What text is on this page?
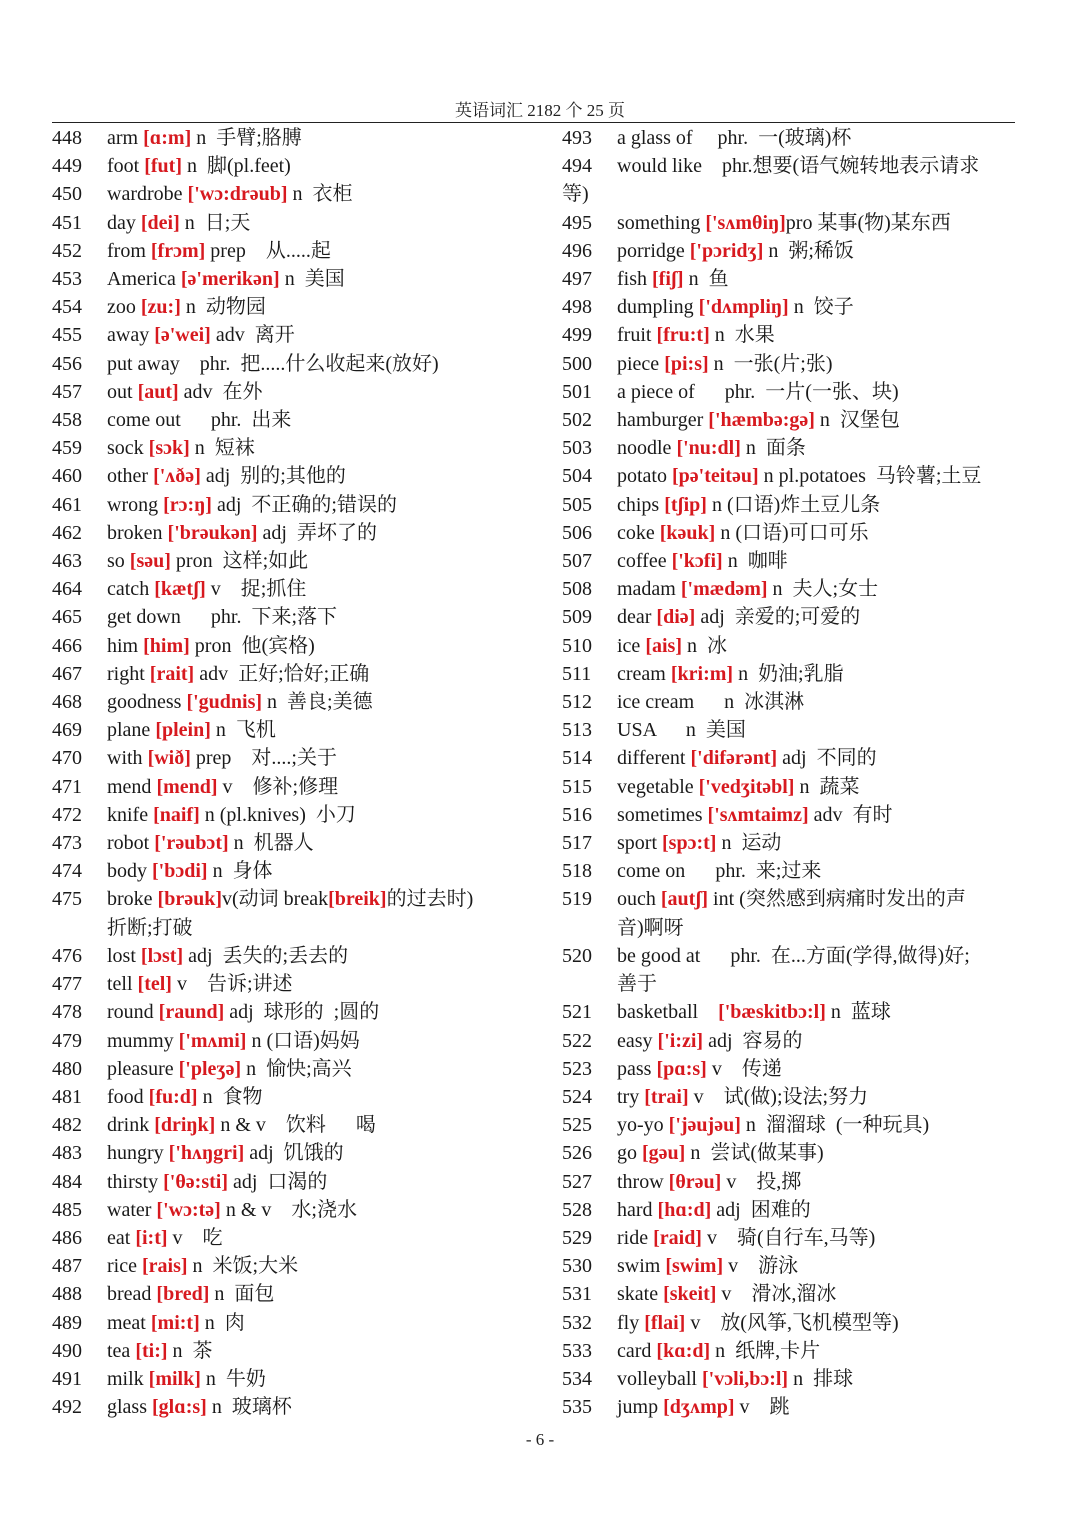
英语词汇 2182 个 25 页
448 arm [ɑ:m] n  手臂;胳膊
449 foot [fut] n  脚(pl.feet)
450 wardrobe ['wɔ:drəub] n  衣柜
451 day [dei] n  日;天
452 from [frɔm] prep    从.....起
453 America [ə'merikən] n  美国
454 zoo [zu:] n  动物园
455 away [ə'wei] adv  离开
456 put away    phr.  把.....什么收起来(放好)
457 out [aut] adv  在外
458 come out      phr.  出来
459 sock [sɔk] n  短袜
460 other ['ʌðə] adj  别的;其他的
461 wrong [rɔ:ŋ] adj  不正确的;错误的
462 broken ['brəukən] adj  弄坏了的
463 so [səu] pron  这样;如此
464 catch [kætʃ] v    捉;抓住
465 get down      phr.  下来;落下
466 him [him] pron  他(宾格)
467 right [rait] adv  正好;恰好;正确
468 goodness ['gudnis] n  善良;美德
469 plane [plein] n  飞机
470 with [wið] prep    对....;关于
471 mend [mend] v    修补;修理
472 knife [naif] n (pl.knives)  小刀
473 robot ['rəubɔt] n  机器人
474 body ['bɔdi] n  身体
475 broke [brəuk]v(动词 break[breik]的过去时)
折断;打破
476 lost [lɔst] adj  丢失的;丢去的
477 tell [tel] v    告诉;讲述
478 round [raund] adj  球形的  ;圆的
479 mummy ['mʌmi] n (口语)妈妈
480 pleasure ['pleʒə] n  愉快;高兴
481 food [fu:d] n  食物
482 drink [driŋk] n & v    饮料      喝
483 hungry ['hʌŋgri] adj  饥饿的
484 thirsty ['θə:sti] adj  口渴的
485 water ['wɔ:tə] n & v    水;浇水
486 eat [i:t] v    吃
487 rice [rais] n  米饭;大米
488 bread [bred] n  面包
489 meat [mi:t] n  肉
490 tea [ti:] n  茶
491 milk [milk] n  牛奶
492 glass [glɑ:s] n  玻璃杯
493 a glass of     phr.  一(玻璃)杯
494 would like    phr.想要(语气婉转地表示请求
等)
495 something ['sʌmθiŋ]pro 某事(物)某东西
496 porridge ['pɔridʒ] n  粥;稀饭
497 fish [fiʃ] n  鱼
498 dumpling ['dʌmpliŋ] n  饺子
499 fruit [fru:t] n  水果
500 piece [pi:s] n  一张(片;张)
501 a piece of      phr.  一片(一张、块)
502 hamburger ['hæmbə:gə] n  汉堡包
503 noodle ['nu:dl] n  面条
504 potato [pə'teitəu] n pl.potatoes  马铃薯;土豆
505 chips [tʃip] n (口语)炸土豆儿条
506 coke [kəuk] n (口语)可口可乐
507 coffee ['kɔfi] n  咖啡
508 madam ['mædəm] n  夫人;女士
509 dear [diə] adj  亲爱的;可爱的
510 ice [ais] n  冰
511 cream [kri:m] n  奶油;乳脂
512 ice cream      n  冰淇淋
513 USA      n  美国
514 different ['difərənt] adj  不同的
515 vegetable ['vedʒitəbl] n  蔬菜
516 sometimes ['sʌmtaimz] adv  有时
517 sport [spɔ:t] n  运动
518 come on      phr.  来;过来
519 ouch [autʃ] int (突然感到病痛时发出的声
音)啊呀
520 be good at      phr.  在...方面(学得,做得)好;
善于
521 basketball    ['bæskitbɔ:l] n  蓝球
522 easy ['i:zi] adj  容易的
523 pass [pɑ:s] v    传递
524 try [trai] v    试(做);设法;努力
525 yo-yo ['jəujəu] n  溜溜球  (一种玩具)
526 go [gəu] n  尝试(做某事)
527 throw [θrəu] v    投,掷
528 hard [hɑ:d] adj  困难的
529 ride [raid] v    骑(自行车,马等)
530 swim [swim] v    游泳
531 skate [skeit] v    滑冰,溜冰
532 fly [flai] v    放(风筝,飞机模型等)
533 card [kɑ:d] n  纸牌,卡片
534 volleyball ['vɔli,bɔ:l] n  排球
535 jump [dʒʌmp] v    跳
- 6 -
